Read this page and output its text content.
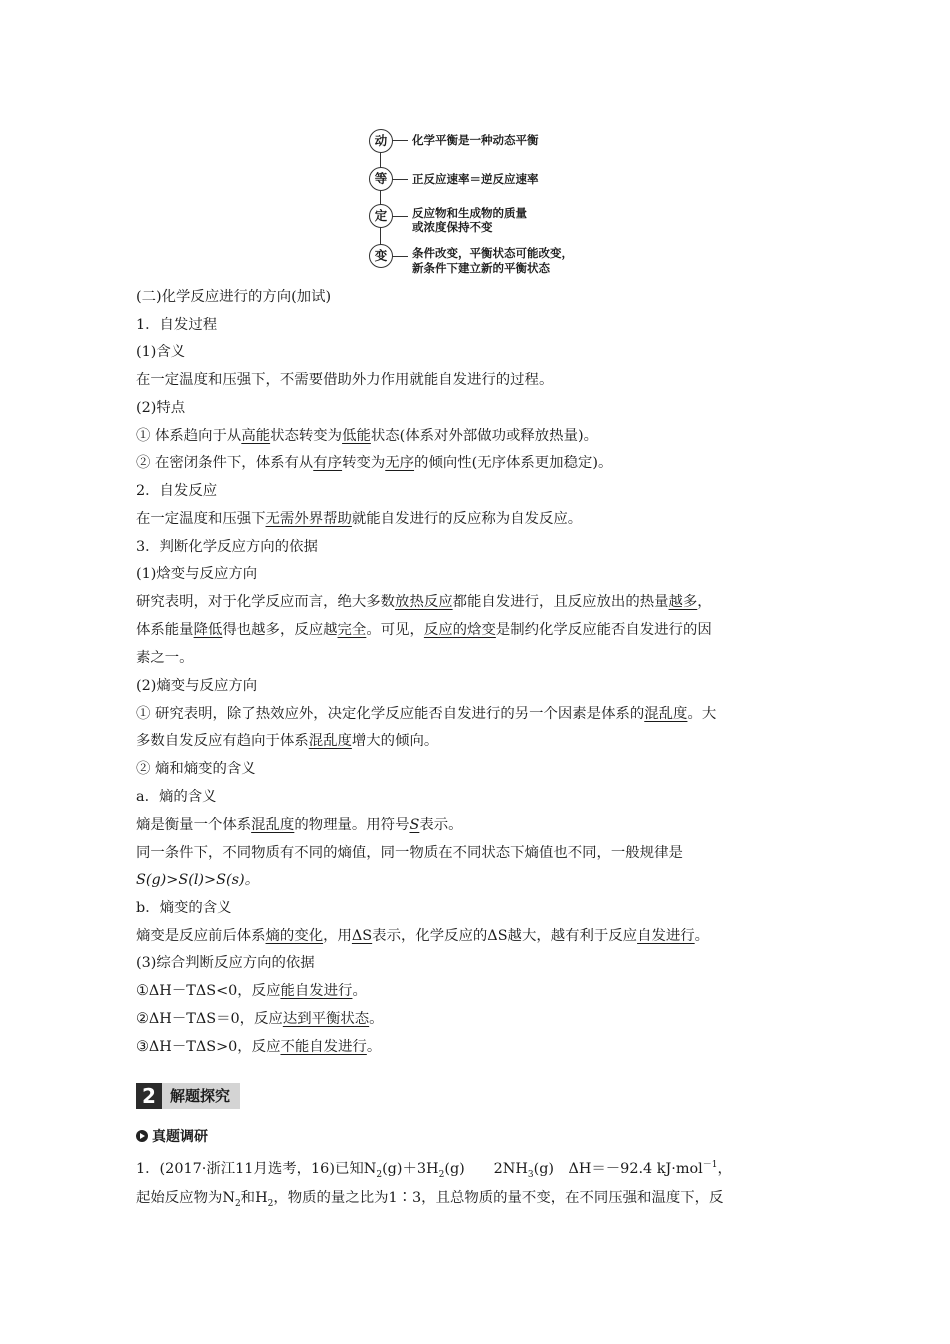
动	化学平衡是一种动态平衡
等	正反应速率＝逆反应速率
定	反应物和生成物的质量
或浓度保持不变
变	条件改变，平衡状态可能改变，
新条件下建立新的平衡状态
(二)化学反应进行的方向(加试)
1．自发过程
(1)含义
在一定温度和压强下，不需要借助外力作用就能自发进行的过程。
(2)特点
① 体系趋向于从高能状态转变为低能状态(体系对外部做功或释放热量)。
② 在密闭条件下，体系有从有序转变为无序的倾向性(无序体系更加稳定)。
2．自发反应
在一定温度和压强下无需外界帮助就能自发进行的反应称为自发反应。
3．判断化学反应方向的依据
(1)焓变与反应方向
研究表明，对于化学反应而言，绝大多数放热反应都能自发进行，且反应放出的热量越多，
体系能量降低得也越多，反应越完全。可见，反应的焓变是制约化学反应能否自发进行的因
素之一。
(2)熵变与反应方向
① 研究表明，除了热效应外，决定化学反应能否自发进行的另一个因素是体系的混乱度。大
多数自发反应有趋向于体系混乱度增大的倾向。
② 熵和熵变的含义
a．熵的含义
熵是衡量一个体系混乱度的物理量。用符号S表示。
同一条件下，不同物质有不同的熵值，同一物质在不同状态下熵值也不同，一般规律是
S(g)>S(l)>S(s)。
b．熵变的含义
熵变是反应前后体系熵的变化，用ΔS表示，化学反应的ΔS越大，越有利于反应自发进行。
(3)综合判断反应方向的依据
①ΔH－TΔS<0，反应能自发进行。
②ΔH－TΔS＝0，反应达到平衡状态。
③ΔH－TΔS>0，反应不能自发进行。
2 解题探究
真题调研
1．(2017·浙江11月选考，16)已知$N_2(g)+3H_2(g)$　　$2NH_3(g)$　ΔH＝－92.4 kJ·mol$^{-1}$，
起始反应物为$N_2$和$H_2$，物质的量之比为1∶3，且总物质的量不变，在不同压强和温度下，反
